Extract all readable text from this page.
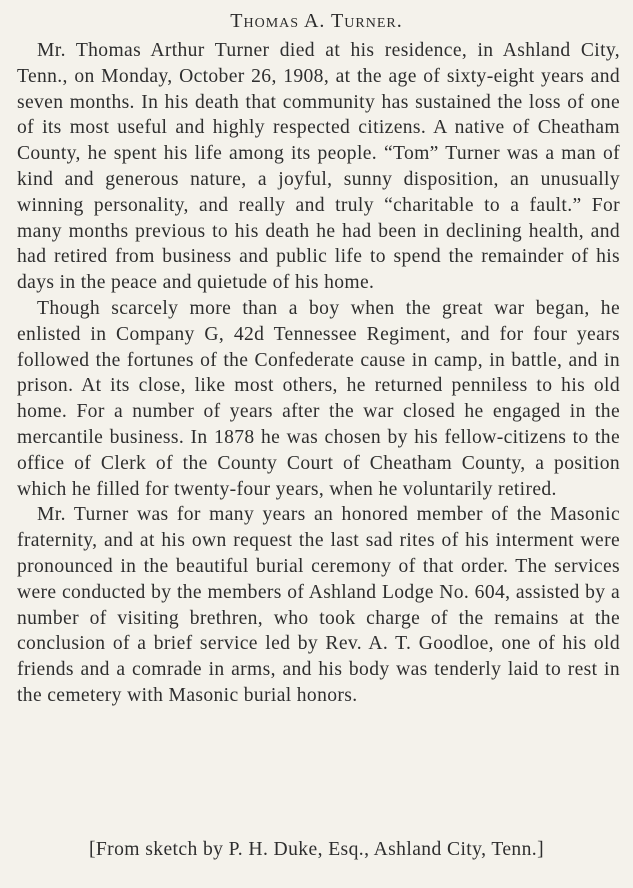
Thomas A. Turner.

Mr. Thomas Arthur Turner died at his residence, in Ashland City, Tenn., on Monday, October 26, 1908, at the age of sixty-eight years and seven months. In his death that community has sustained the loss of one of its most useful and highly respected citizens. A native of Cheatham County, he spent his life among its people. “Tom” Turner was a man of kind and generous nature, a joyful, sunny disposition, an unusually winning personality, and really and truly “charitable to a fault.” For many months previous to his death he had been in declining health, and had retired from business and public life to spend the remainder of his days in the peace and quietude of his home.

Though scarcely more than a boy when the great war began, he enlisted in Company G, 42d Tennessee Regiment, and for four years followed the fortunes of the Confederate cause in camp, in battle, and in prison. At its close, like most others, he returned penniless to his old home. For a number of years after the war closed he engaged in the mercantile business. In 1878 he was chosen by his fellow-citizens to the office of Clerk of the County Court of Cheatham County, a position which he filled for twenty-four years, when he voluntarily retired.

Mr. Turner was for many years an honored member of the Masonic fraternity, and at his own request the last sad rites of his interment were pronounced in the beautiful burial ceremony of that order. The services were conducted by the members of Ashland Lodge No. 604, assisted by a number of visiting brethren, who took charge of the remains at the conclusion of a brief service led by Rev. A. T. Goodloe, one of his old friends and a comrade in arms, and his body was tenderly laid to rest in the cemetery with Masonic burial honors.

[From sketch by P. H. Duke, Esq., Ashland City, Tenn.]
